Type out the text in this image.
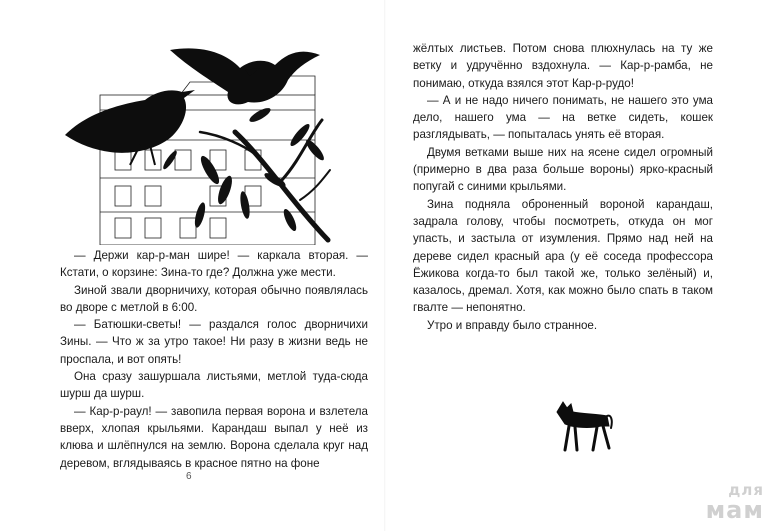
— Держи кар-р-ман шире! — каркала вторая. — Кстати, о корзине: Зина-то где? Должна уже мести.

Зиной звали дворничиху, которая обычно появлялась во дворе с метлой в 6:00.

— Батюшки-светы! — раздался голос дворничихи Зины. — Что ж за утро такое! Ни разу в жизни ведь не проспала, и вот опять!

Она сразу зашуршала листьями, метлой туда-сюда шурш да шурш.

— Кар-р-раул! — завопила первая ворона и взлетела вверх, хлопая крыльями. Карандаш выпал у неё из клюва и шлёпнулся на землю. Ворона сделала круг над деревом, вглядываясь в красное пятно на фоне

6

жёлтых листьев. Потом снова плюхнулась на ту же ветку и удручённо вздохнула. — Кар-р-рамба, не понимаю, откуда взялся этот Кар-р-рудо!

— А и не надо ничего понимать, не нашего это ума дело, нашего ума — на ветке сидеть, кошек разглядывать, — попыталась унять её вторая.

Двумя ветками выше них на ясене сидел огромный (примерно в два раза больше вороны) ярко-красный попугай с синими крыльями.

Зина подняла оброненный вороной карандаш, задрала голову, чтобы посмотреть, откуда он мог упасть, и застыла от изумления. Прямо над ней на дереве сидел красный ара (у её соседа профессора Ёжикова когда-то был такой же, только зелёный) и, казалось, дремал. Хотя, как можно было спать в таком гвалте — непонятно.

Утро и вправду было странное.

для
мам
